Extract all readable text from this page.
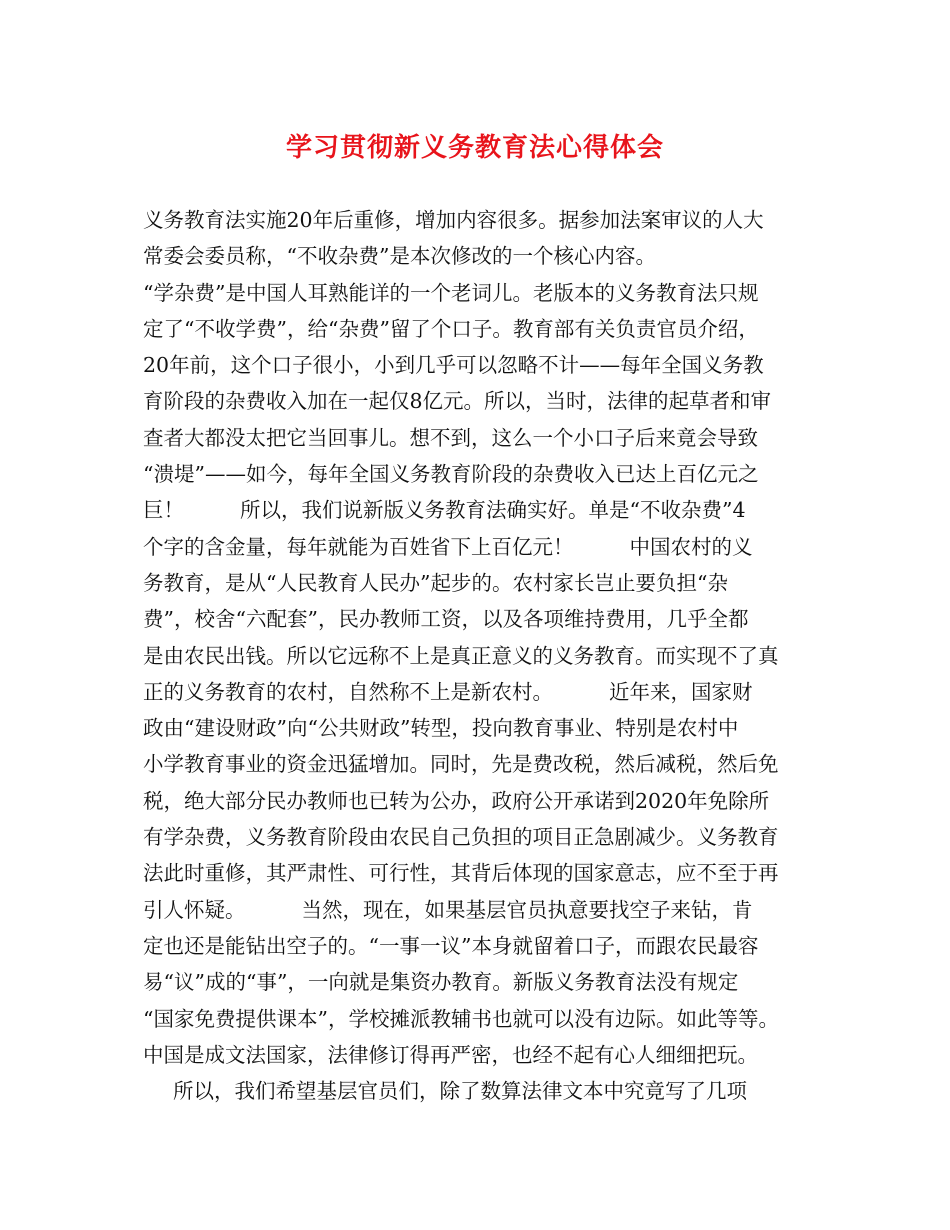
学习贯彻新义务教育法心得体会
义务教育法实施20年后重修，增加内容很多。据参加法案审议的人大
常委会委员称，“不收杂费”是本次修改的一个核心内容。
“学杂费”是中国人耳熟能详的一个老词儿。老版本的义务教育法只规
定了“不收学费”，给“杂费”留了个口子。教育部有关负责官员介绍，
20年前，这个口子很小，小到几乎可以忽略不计——每年全国义务教
育阶段的杂费收入加在一起仅8亿元。所以，当时，法律的起草者和审
查者大都没太把它当回事儿。想不到，这么一个小口子后来竟会导致
“溃堤”——如今，每年全国义务教育阶段的杂费收入已达上百亿元之
巨！	所以，我们说新版义务教育法确实好。单是“不收杂费”4
个字的含金量，每年就能为百姓省下上百亿元！	中国农村的义
务教育，是从“人民教育人民办”起步的。农村家长岂止要负担“杂
费”，校舍“六配套”，民办教师工资，以及各项维持费用，几乎全都
是由农民出钱。所以它远称不上是真正意义的义务教育。而实现不了真
正的义务教育的农村，自然称不上是新农村。	近年来，国家财
政由“建设财政”向“公共财政”转型，投向教育事业、特别是农村中
小学教育事业的资金迅猛增加。同时，先是费改税，然后减税，然后免
税，绝大部分民办教师也已转为公办，政府公开承诺到2020年免除所
有学杂费，义务教育阶段由农民自己负担的项目正急剧减少。义务教育
法此时重修，其严肃性、可行性，其背后体现的国家意志，应不至于再
引人怀疑。	当然，现在，如果基层官员执意要找空子来钻，肯
定也还是能钻出空子的。“一事一议”本身就留着口子，而跟农民最容
易“议”成的“事”，一向就是集资办教育。新版义务教育法没有规定
“国家免费提供课本”，学校摊派教辅书也就可以没有边际。如此等等。
中国是成文法国家，法律修订得再严密，也经不起有心人细细把玩。
所以，我们希望基层官员们，除了数算法律文本中究竟写了几项
